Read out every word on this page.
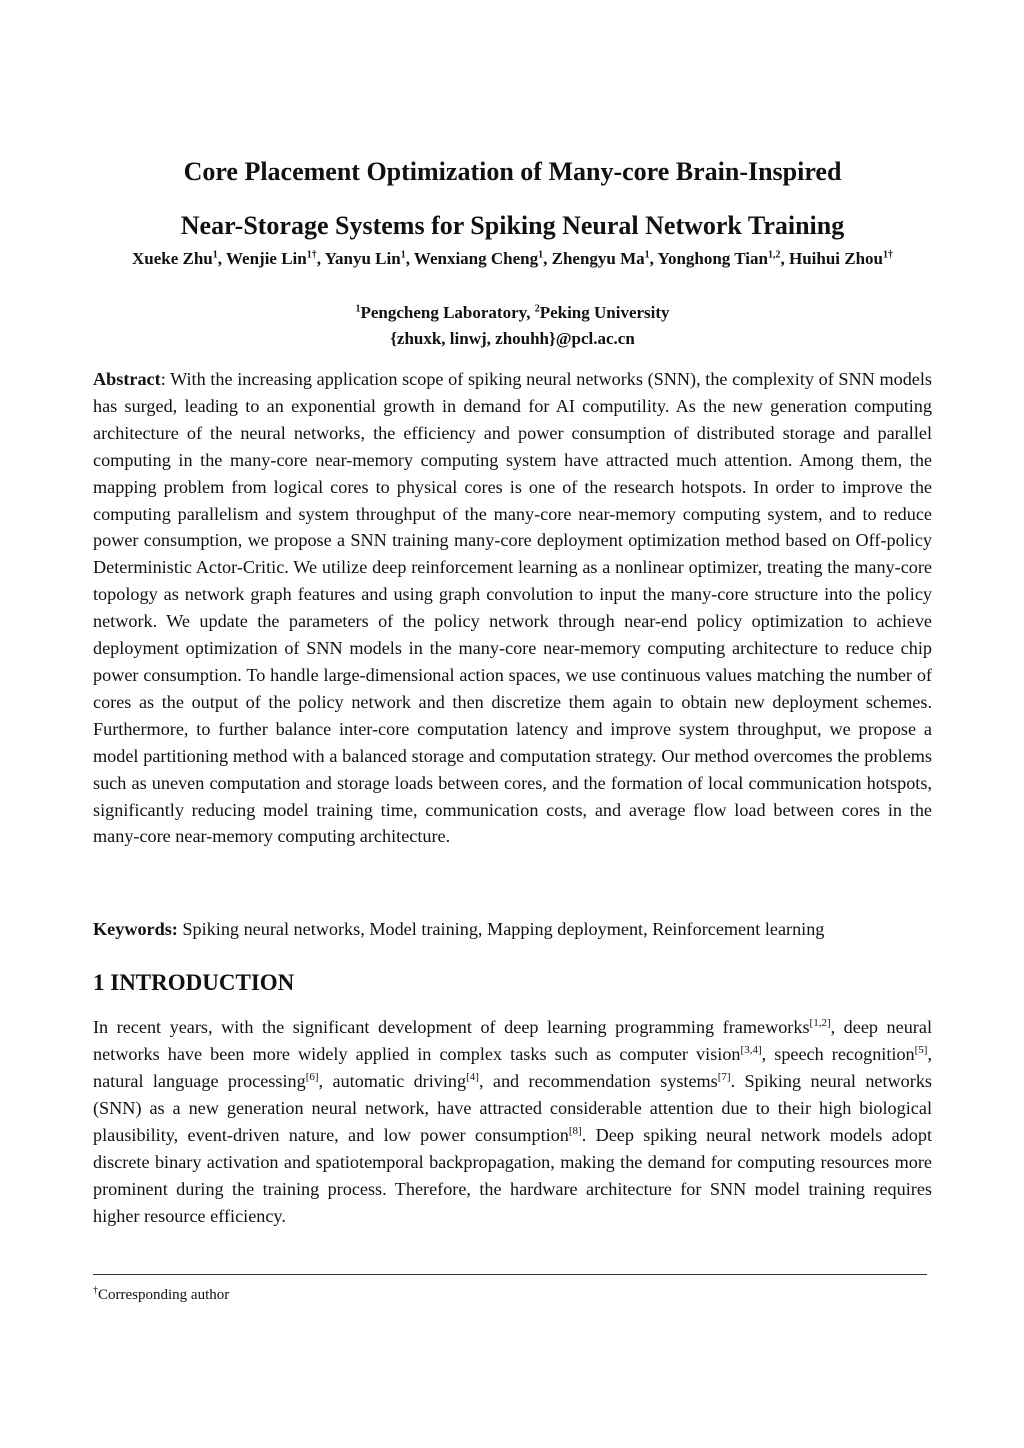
Core Placement Optimization of Many-core Brain-Inspired
Near-Storage Systems for Spiking Neural Network Training
Xueke Zhu$^1$, Wenjie Lin$^{1\dagger}$, Yanyu Lin$^1$, Wenxiang Cheng$^1$, Zhengyu Ma$^1$, Yonghong Tian$^{1,2}$, Huihui Zhou$^{1\dagger}$
$^1$Pengcheng Laboratory, $^2$Peking University
{zhuxk, linwj, zhouhh}@pcl.ac.cn
Abstract: With the increasing application scope of spiking neural networks (SNN), the complexity of SNN models has surged, leading to an exponential growth in demand for AI computility. As the new generation computing architecture of the neural networks, the efficiency and power consumption of distributed storage and parallel computing in the many-core near-memory computing system have attracted much attention. Among them, the mapping problem from logical cores to physical cores is one of the research hotspots. In order to improve the computing parallelism and system throughput of the many-core near-memory computing system, and to reduce power consumption, we propose a SNN training many-core deployment optimization method based on Off-policy Deterministic Actor-Critic. We utilize deep reinforcement learning as a nonlinear optimizer, treating the many-core topology as network graph features and using graph convolution to input the many-core structure into the policy network. We update the parameters of the policy network through near-end policy optimization to achieve deployment optimization of SNN models in the many-core near-memory computing architecture to reduce chip power consumption. To handle large-dimensional action spaces, we use continuous values matching the number of cores as the output of the policy network and then discretize them again to obtain new deployment schemes. Furthermore, to further balance inter-core computation latency and improve system throughput, we propose a model partitioning method with a balanced storage and computation strategy. Our method overcomes the problems such as uneven computation and storage loads between cores, and the formation of local communication hotspots, significantly reducing model training time, communication costs, and average flow load between cores in the many-core near-memory computing architecture.
Keywords: Spiking neural networks, Model training, Mapping deployment, Reinforcement learning
1 INTRODUCTION
In recent years, with the significant development of deep learning programming frameworks[1,2], deep neural networks have been more widely applied in complex tasks such as computer vision[3,4], speech recognition[5], natural language processing[6], automatic driving[4], and recommendation systems[7]. Spiking neural networks (SNN) as a new generation neural network, have attracted considerable attention due to their high biological plausibility, event-driven nature, and low power consumption[8]. Deep spiking neural network models adopt discrete binary activation and spatiotemporal backpropagation, making the demand for computing resources more prominent during the training process. Therefore, the hardware architecture for SNN model training requires higher resource efficiency.
†Corresponding author
